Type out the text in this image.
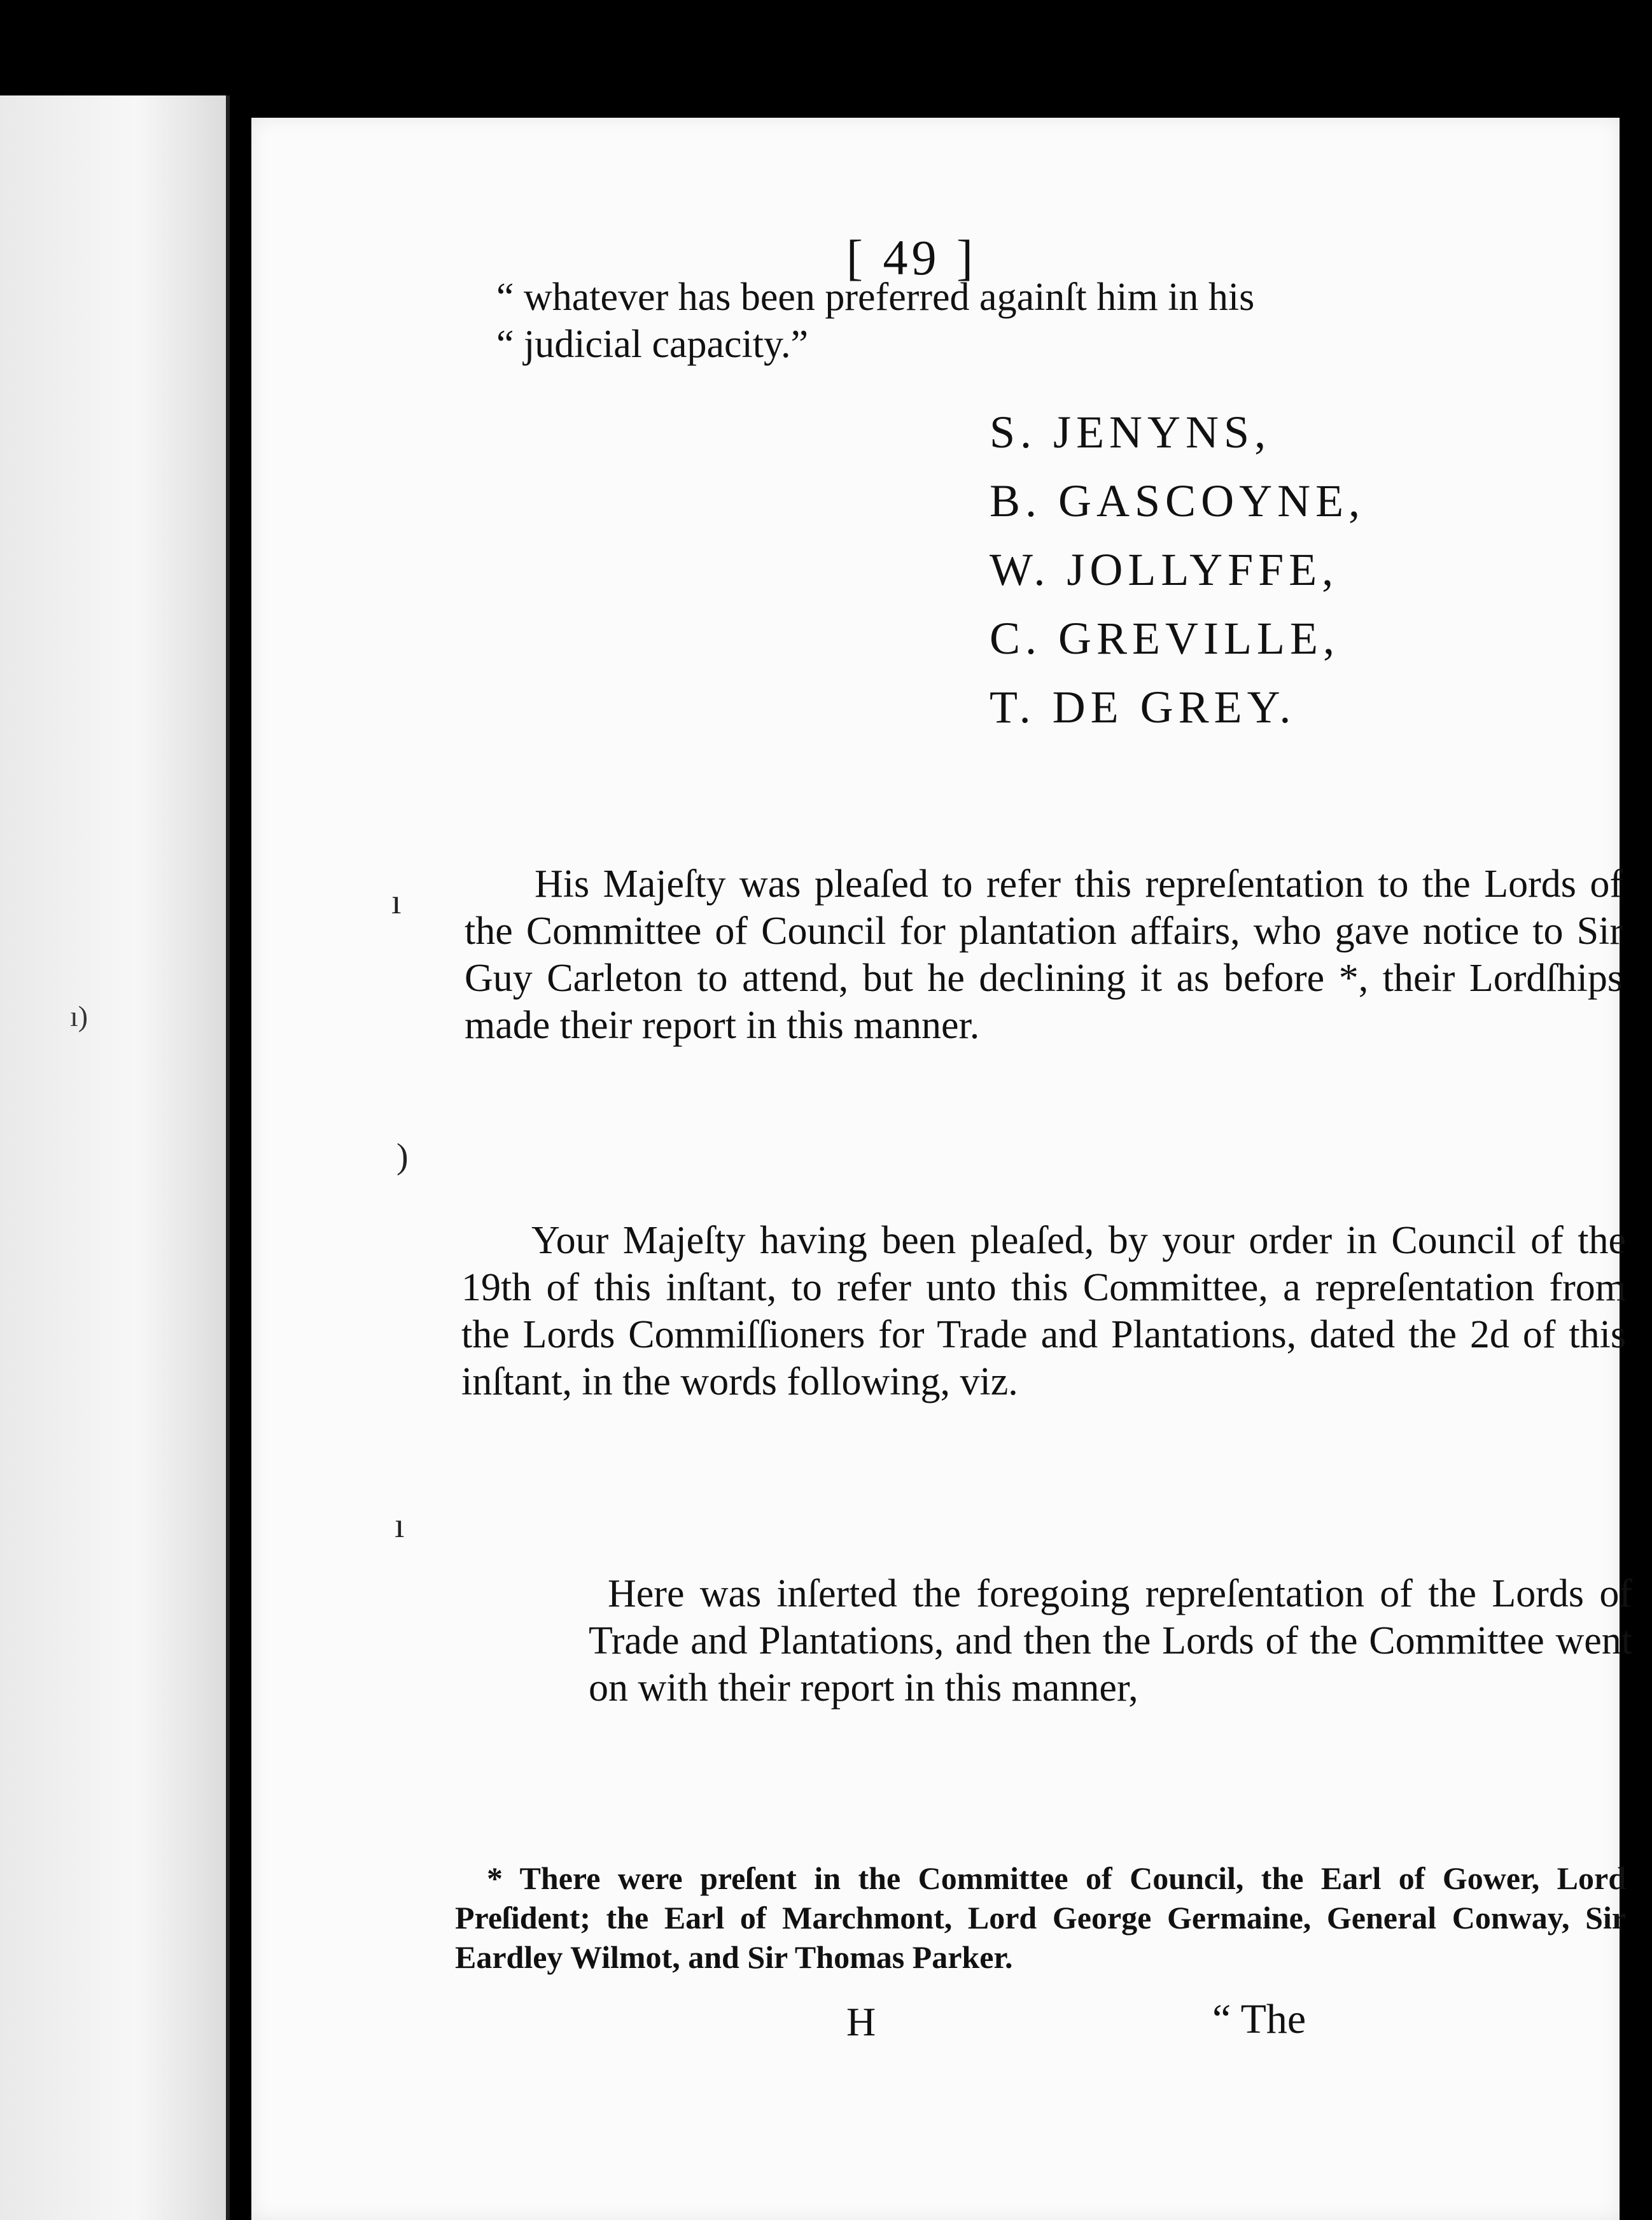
ı)
[ 49 ]
“ whatever has been preferred againſt him in his
“ judicial capacity.”
S. JENYNS,
B. GASCOYNE,
W. JOLLYFFE,
C. GREVILLE,
T. DE GREY.
ı
)
ı

His Majeſty was pleaſed to refer this repreſentation to the Lords of the Committee of Council for plantation affairs, who gave notice to Sir Guy Carleton to attend, but he declining it as before *, their Lordſhips made their report in this manner.

Your Majeſty having been pleaſed, by your order in Council of the 19th of this inſtant, to refer unto this Committee, a repreſentation from the Lords Commiſſioners for Trade and Plantations, dated the 2d of this inſtant, in the words following, viz.

Here was inſerted the foregoing repreſentation of the Lords of Trade and Plantations, and then the Lords of the Committee went on with their report in this manner,

* There were preſent in the Committee of Council, the Earl of Gower, Lord Preſident; the Earl of Marchmont, Lord George Germaine, General Conway, Sir Eardley Wilmot, and Sir Thomas Parker.

H	“ The
